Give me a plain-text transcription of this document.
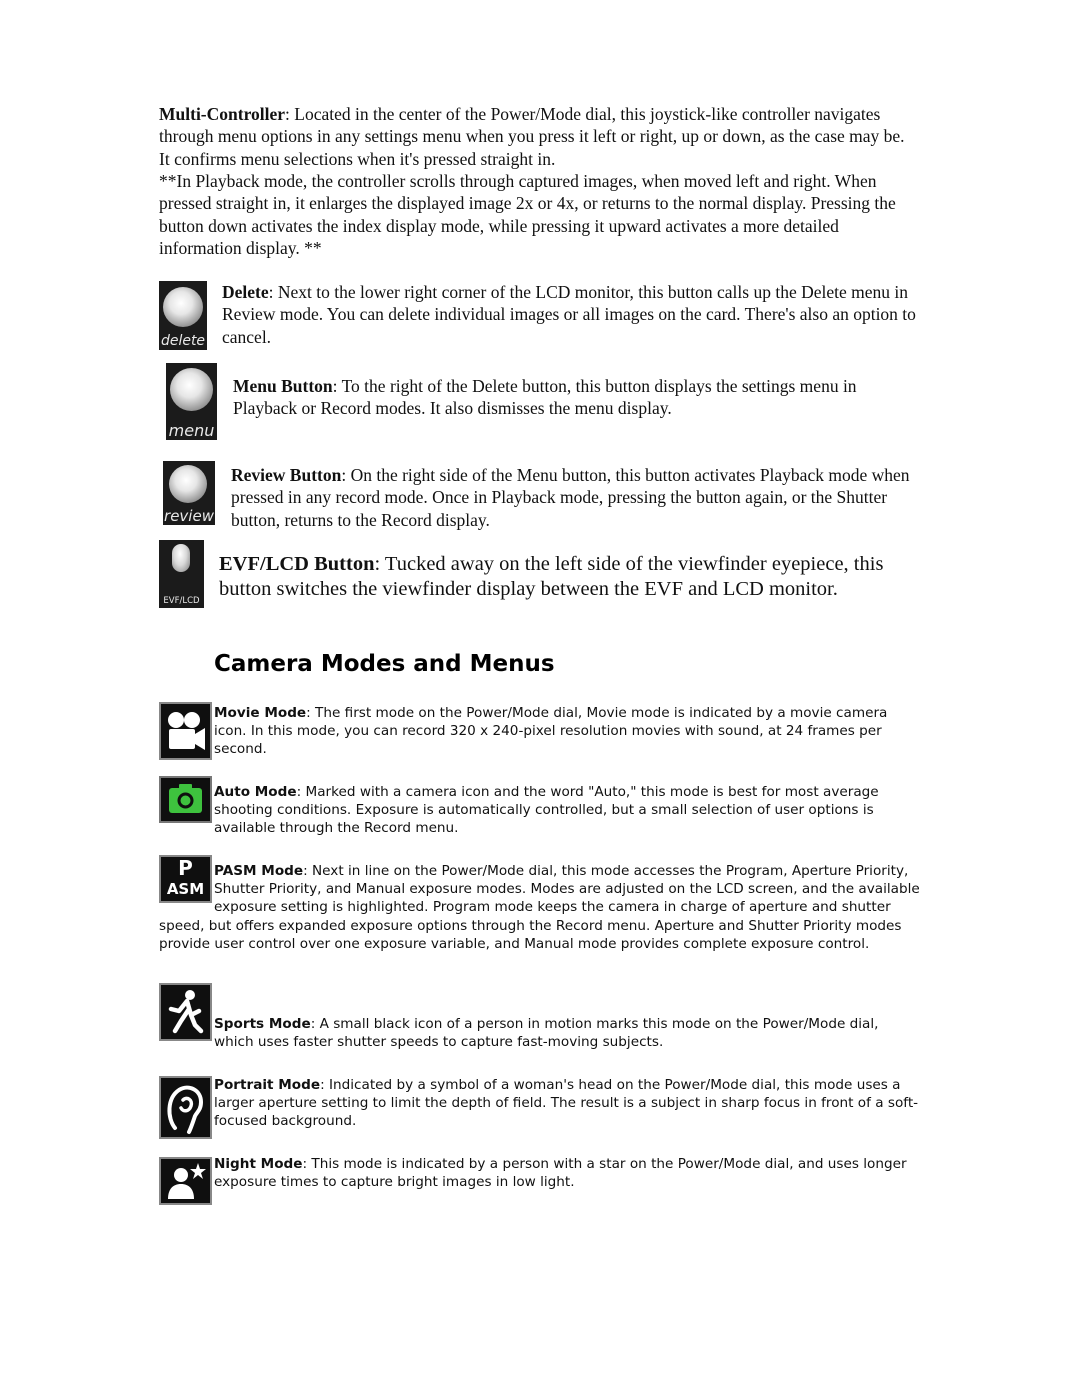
Multi-Controller: Located in the center of the Power/Mode dial, this joystick-like controller navigates through menu options in any settings menu when you press it left or right, up or down, as the case may be. It confirms menu selections when it's pressed straight in.
**In Playback mode, the controller scrolls through captured images, when moved left and right. When pressed straight in, it enlarges the displayed image 2x or 4x, or returns to the normal display. Pressing the button down activates the index display mode, while pressing it upward activates a more detailed information display. **
delete
Delete: Next to the lower right corner of the LCD monitor, this button calls up the Delete menu in Review mode. You can delete individual images or all images on the card. There's also an option to cancel.
menu
Menu Button: To the right of the Delete button, this button displays the settings menu in Playback or Record modes. It also dismisses the menu display.
review
Review Button: On the right side of the Menu button, this button activates Playback mode when pressed in any record mode. Once in Playback mode, pressing the button again, or the Shutter button, returns to the Record display.
EVF/LCD
EVF/LCD Button: Tucked away on the left side of the viewfinder eyepiece, this button switches the viewfinder display between the EVF and LCD monitor.
Camera Modes and Menus
Movie Mode: The first mode on the Power/Mode dial, Movie mode is indicated by a movie camera icon. In this mode, you can record 320 x 240-pixel resolution movies with sound, at 24 frames per second.
Auto Mode: Marked with a camera icon and the word "Auto," this mode is best for most average shooting conditions. Exposure is automatically controlled, but a small selection of user options is available through the Record menu.
P
ASM
PASM Mode: Next in line on the Power/Mode dial, this mode accesses the Program, Aperture Priority, Shutter Priority, and Manual exposure modes. Modes are adjusted on the LCD screen, and the available exposure setting is highlighted. Program mode keeps the camera in charge of aperture and shutter speed, but offers expanded exposure options through the Record menu. Aperture and Shutter Priority modes provide user control over one exposure variable, and Manual mode provides complete exposure control.
Sports Mode: A small black icon of a person in motion marks this mode on the Power/Mode dial, which uses faster shutter speeds to capture fast-moving subjects.
Portrait Mode: Indicated by a symbol of a woman's head on the Power/Mode dial, this mode uses a larger aperture setting to limit the depth of field. The result is a subject in sharp focus in front of a soft-focused background.
Night Mode: This mode is indicated by a person with a star on the Power/Mode dial, and uses longer exposure times to capture bright images in low light.
